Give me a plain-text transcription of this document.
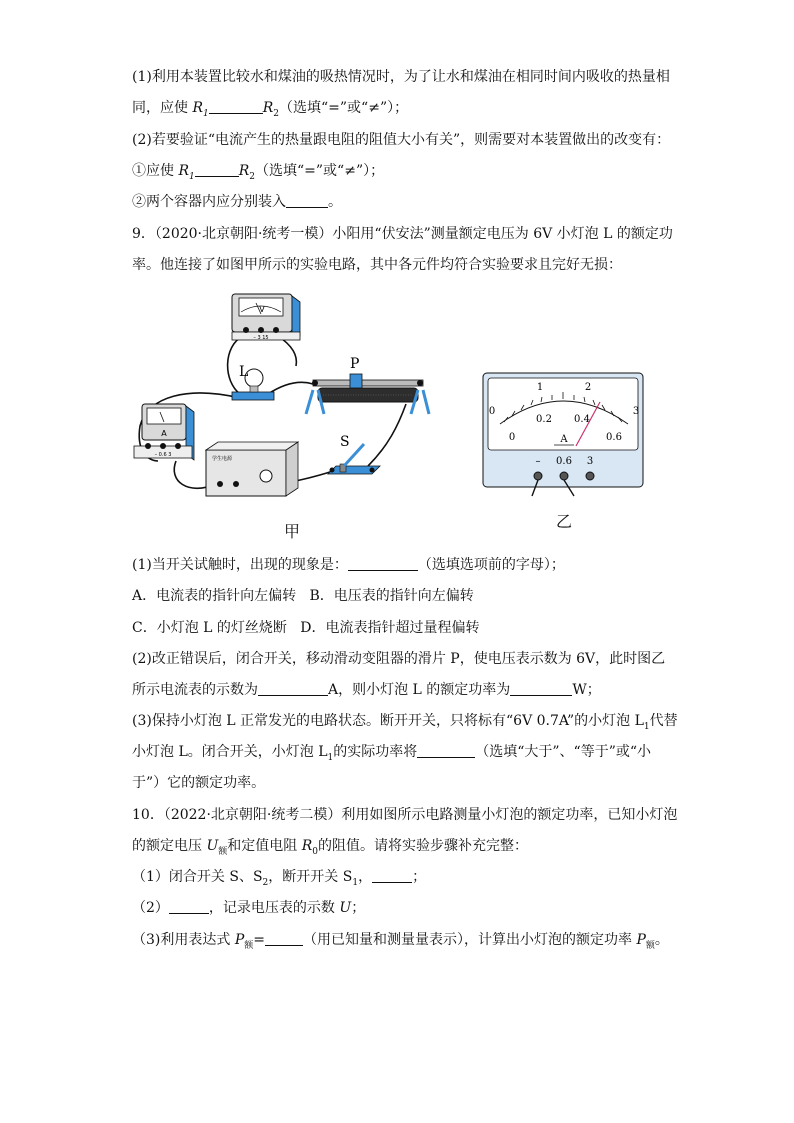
(1)利用本装置比较水和煤油的吸热情况时，为了让水和煤油在相同时间内吸收的热量相
同，应使 $R_1$	$R_2$（选填“=”或“≠”）；
(2)若要验证“电流产生的热量跟电阻的阻值大小有关”，则需要对本装置做出的改变有：
①应使 $R_1$	$R_2$（选填“=”或“≠”）；
②两个容器内应分别装入	。
9．（2020·北京朝阳·统考一模）小阳用“伏安法”测量额定电压为 6V 小灯泡 L 的额定功
率。他连接了如图甲所示的实验电路，其中各元件均符合实验要求且完好无损：
V
– 3 15
L	P
A
– 0.6 3
学生电源
S
甲
0
1	2
3
0
0.2 0.4
0.6
A
– 0.6 3
乙
(1)当开关试触时，出现的现象是：	（选填选项前的字母）；
A．电流表的指针向左偏转 B．电压表的指针向左偏转
C．小灯泡 L 的灯丝烧断 D．电流表指针超过量程偏转
(2)改正错误后，闭合开关，移动滑动变阻器的滑片 P，使电压表示数为 6V，此时图乙
所示电流表的示数为	A，则小灯泡 L 的额定功率为	W；
(3)保持小灯泡 L 正常发光的电路状态。断开开关，只将标有“6V 0.7A”的小灯泡 $L_1$代替
小灯泡 L。闭合开关，小灯泡 $L_1$的实际功率将	（选填“大于”、“等于”或“小
于”）它的额定功率。
10．（2022·北京朝阳·统考二模）利用如图所示电路测量小灯泡的额定功率，已知小灯泡
的额定电压 $U_额$和定值电阻 $R_0$的阻值。请将实验步骤补充完整：
（1）闭合开关 S、$S_2$，断开开关 $S_1$，	；
（2）	，记录电压表的示数 U；
（3)利用表达式 $P_额=$	（用已知量和测量量表示），计算出小灯泡的额定功率 $P_额$。
